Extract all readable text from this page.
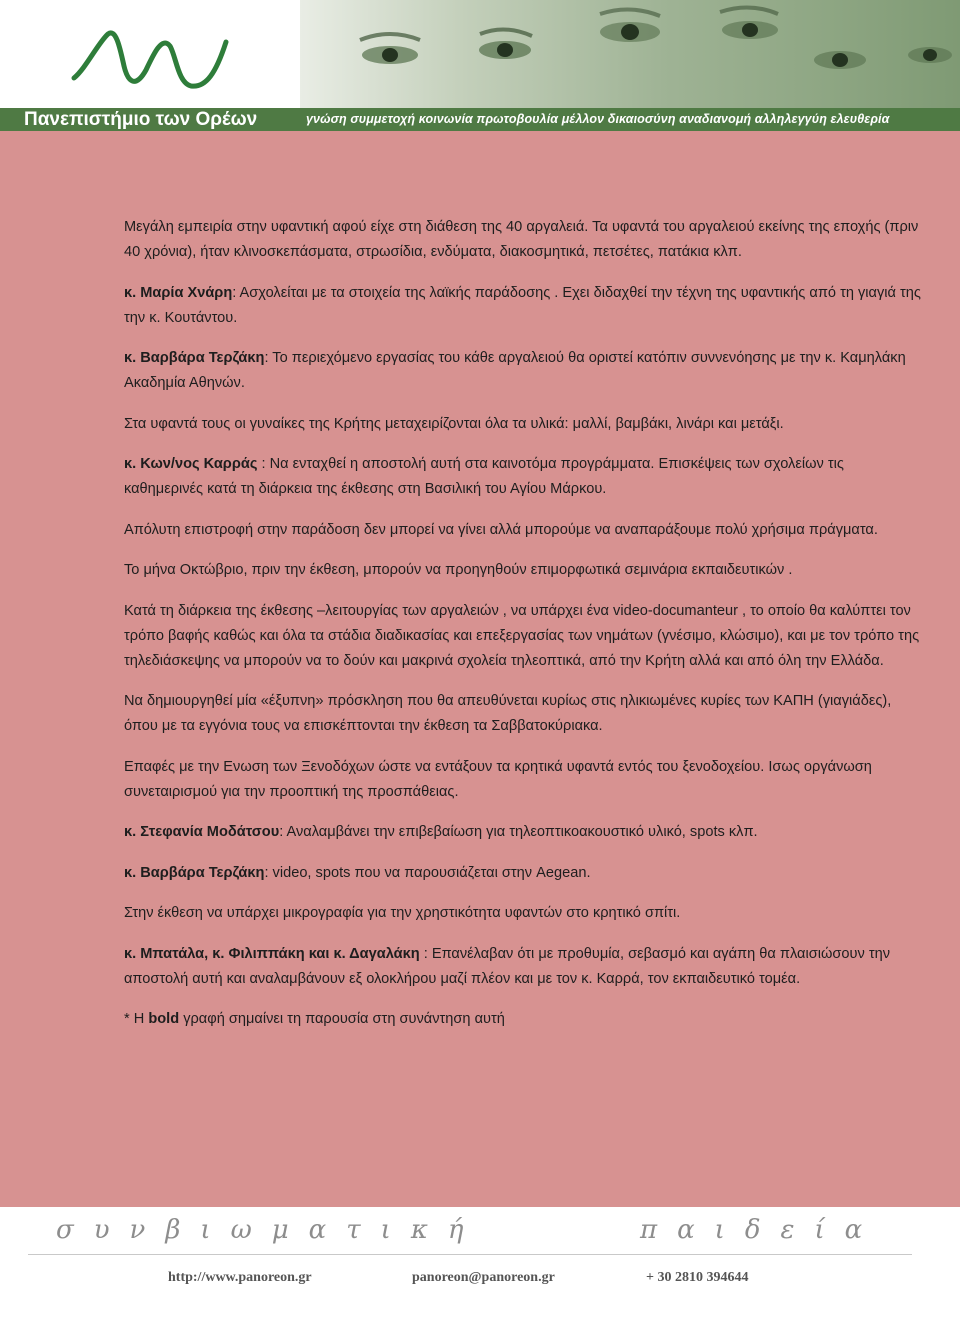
Πανεπιστήμιο των Ορέων	γνώση συμμετοχή κοινωνία πρωτοβουλία μέλλον δικαιοσύνη αναδιανομή αλληλεγγύη ελευθερία

Μεγάλη εμπειρία στην υφαντική αφού είχε στη διάθεση της 40 αργαλειά. Τα υφαντά του αργαλειού εκείνης της εποχής (πριν 40 χρόνια), ήταν κλινοσκεπάσματα, στρωσίδια, ενδύματα, διακοσμητικά, πετσέτες, πατάκια κλπ.

κ. Μαρία Χνάρη: Ασχολείται με τα στοιχεία της λαϊκής παράδοσης . Εχει διδαχθεί την τέχνη της υφαντικής από τη γιαγιά της την κ. Κουτάντου.

κ. Βαρβάρα Τερζάκη: Το περιεχόμενο εργασίας του κάθε αργαλειού θα οριστεί κατόπιν συννενόησης με την κ. Καμηλάκη Ακαδημία Αθηνών.

Στα υφαντά τους οι γυναίκες της Κρήτης μεταχειρίζονται όλα τα υλικά: μαλλί, βαμβάκι, λινάρι και μετάξι.

κ. Κων/νος Καρράς : Να ενταχθεί η αποστολή αυτή στα καινοτόμα προγράμματα. Επισκέψεις των σχολείων τις καθημερινές κατά τη διάρκεια της έκθεσης στη Βασιλική του Αγίου Μάρκου.

Απόλυτη επιστροφή στην παράδοση δεν μπορεί να γίνει αλλά μπορούμε να αναπαράξουμε πολύ χρήσιμα πράγματα.

Το μήνα Οκτώβριο, πριν την έκθεση, μπορούν να προηγηθούν επιμορφωτικά σεμινάρια εκπαιδευτικών .

Κατά τη διάρκεια της έκθεσης –λειτουργίας των αργαλειών , να υπάρχει ένα video-documanteur , το οποίο θα καλύπτει τον τρόπο βαφής καθώς και όλα τα στάδια διαδικασίας και επεξεργασίας των νημάτων (γνέσιμο, κλώσιμο), και με τον τρόπο της τηλεδιάσκεψης να μπορούν να το δούν και μακρινά σχολεία τηλεοπτικά, από την Κρήτη αλλά και από όλη την Ελλάδα.

Να δημιουργηθεί μία «έξυπνη» πρόσκληση που θα απευθύνεται κυρίως στις ηλικιωμένες κυρίες των ΚΑΠΗ (γιαγιάδες), όπου με τα εγγόνια τους να επισκέπτονται την έκθεση τα Σαββατοκύριακα.

Επαφές με την Ενωση των Ξενοδόχων ώστε να εντάξουν τα κρητικά υφαντά εντός του ξενοδοχείου. Ισως οργάνωση συνεταιρισμού για την προοπτική της προσπάθειας.

κ. Στεφανία Μοδάτσου: Αναλαμβάνει την επιβεβαίωση για τηλεοπτικοακουστικό υλικό, spots κλπ.

κ. Βαρβάρα Τερζάκη: video, spots που να παρουσιάζεται στην Aegean.

Στην έκθεση να υπάρχει μικρογραφία για την χρηστικότητα υφαντών στο κρητικό σπίτι.

κ. Μπατάλα, κ. Φιλιππάκη και κ. Δαγαλάκη : Επανέλαβαν ότι με προθυμία, σεβασμό και αγάπη θα πλαισιώσουν την αποστολή αυτή και αναλαμβάνουν εξ ολοκλήρου μαζί πλέον και με τον κ. Καρρά, τον εκπαιδευτικό τομέα.

* Η bold γραφή σημαίνει τη παρουσία στη συνάντηση αυτή

συνβιωματική	παιδεία
http://www.panoreon.gr	panoreon@panoreon.gr	+ 30 2810 394644
